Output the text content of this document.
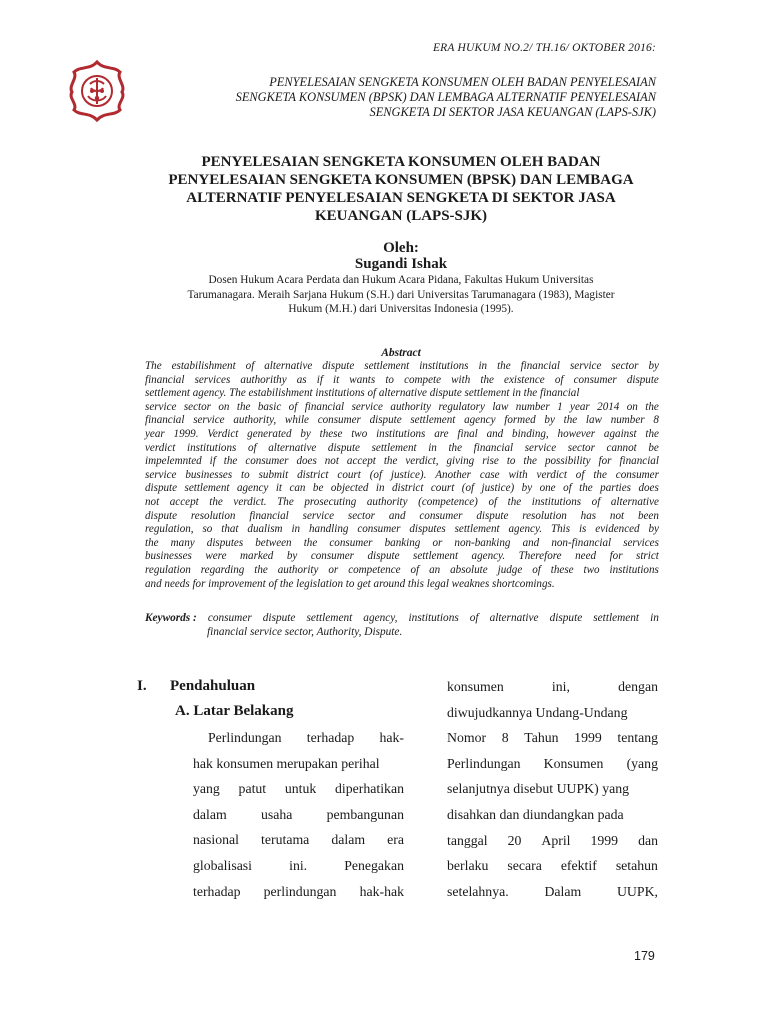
ERA HUKUM NO.2/ TH.16/ OKTOBER 2016:
PENYELESAIAN SENGKETA KONSUMEN OLEH BADAN PENYELESAIAN
SENGKETA KONSUMEN (BPSK) DAN LEMBAGA ALTERNATIF PENYELESAIAN
SENGKETA DI SEKTOR JASA KEUANGAN (LAPS-SJK)
PENYELESAIAN SENGKETA KONSUMEN OLEH BADAN
PENYELESAIAN SENGKETA KONSUMEN (BPSK) DAN LEMBAGA
ALTERNATIF PENYELESAIAN SENGKETA DI SEKTOR JASA
KEUANGAN (LAPS-SJK)
Oleh:
Sugandi Ishak
Dosen Hukum Acara Perdata dan Hukum Acara Pidana, Fakultas Hukum Universitas
Tarumanagara. Meraih Sarjana Hukum (S.H.) dari Universitas Tarumanagara (1983), Magister
Hukum (M.H.) dari Universitas Indonesia (1995).
Abstract
The estabilishment of alternative dispute settlement institutions in the financial service sector by
financial services authorithy as if it wants to compete with the existence of consumer dispute
settlement agency. The estabilishment institutions of alternative dispute settlement in the financial
service sector on the basic of financial service authority regulatory law number 1 year 2014 on the
financial service authority, while consumer dispute settlement agency formed by the law number 8
year 1999. Verdict generated by these two institutions are final and binding, however against the
verdict institutions of alternative dispute settlement in the financial service sector cannot be
impelemnted if the consumer does not accept the verdict, giving rise to the possibility for financial
service businesses to submit district court (of justice). Another case with verdict of the consumer
dispute settlement agency it can be objected in district court (of justice) by one of the parties does
not accept the verdict. The prosecuting authority (competence) of the institutions of alternative
dispute resolution financial service sector and consumer dispute resolution has not been
regulation, so that dualism in handling consumer disputes settlement agency. This is evidenced by
the many disputes between the consumer banking or non-banking and non-financial services
businesses were marked by consumer dispute settlement agency. Therefore need for strict
regulation regarding the authority or competence of an absolute judge of these two institutions
and needs for improvement of the legislation to get around this legal weaknes shortcomings.
Keywords : consumer dispute settlement agency, institutions of alternative dispute settlement in
financial service sector, Authority, Dispute.
I. Pendahuluan
A. Latar Belakang
Perlindungan terhadap hak-
hak konsumen merupakan perihal
yang patut untuk diperhatikan
dalam usaha pembangunan
nasional terutama dalam era
globalisasi	ini.	Penegakan
terhadap perlindungan hak-hak
konsumen	ini,	dengan
diwujudkannya Undang-Undang
Nomor 8 Tahun 1999 tentang
Perlindungan Konsumen (yang
selanjutnya disebut UUPK) yang
disahkan dan diundangkan pada
tanggal 20 April 1999 dan
berlaku secara efektif setahun
setelahnya.	Dalam	UUPK,
179
